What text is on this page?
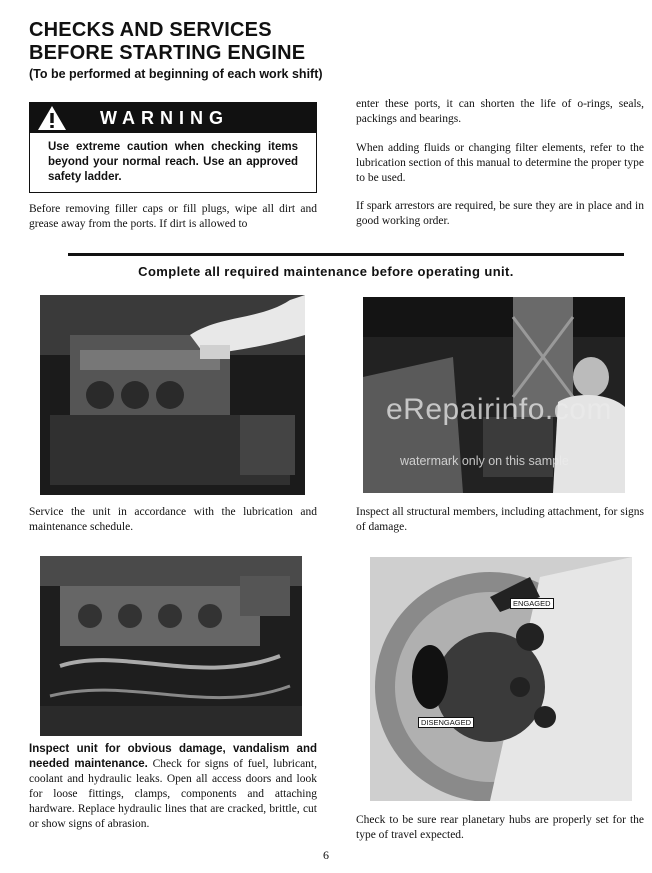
CHECKS AND SERVICES
BEFORE STARTING ENGINE
(To be performed at beginning of each work shift)
WARNING
Use extreme caution when checking items beyond your normal reach. Use an approved safety ladder.
Before removing filler caps or fill plugs, wipe all dirt and grease away from the ports. If dirt is allowed to
enter these ports, it can shorten the life of o-rings, seals, packings and bearings.
When adding fluids or changing filter elements, refer to the lubrication section of this manual to determine the proper type to be used.
If spark arrestors are required, be sure they are in place and in good working order.
Complete all required maintenance before operating unit.
eRepairinfo.com
watermark only on this sample
Service the unit in accordance with the lubrication and maintenance schedule.
Inspect all structural members, including attachment, for signs of damage.
ENGAGED
DISENGAGED
Inspect unit for obvious damage, vandalism and needed maintenance. Check for signs of fuel, lubricant, coolant and hydraulic leaks. Open all access doors and look for loose fittings, clamps, components and attaching hardware. Replace hydraulic lines that are cracked, brittle, cut or show signs of abrasion.	Check to be sure rear planetary hubs are properly set for the type of travel expected.
6
